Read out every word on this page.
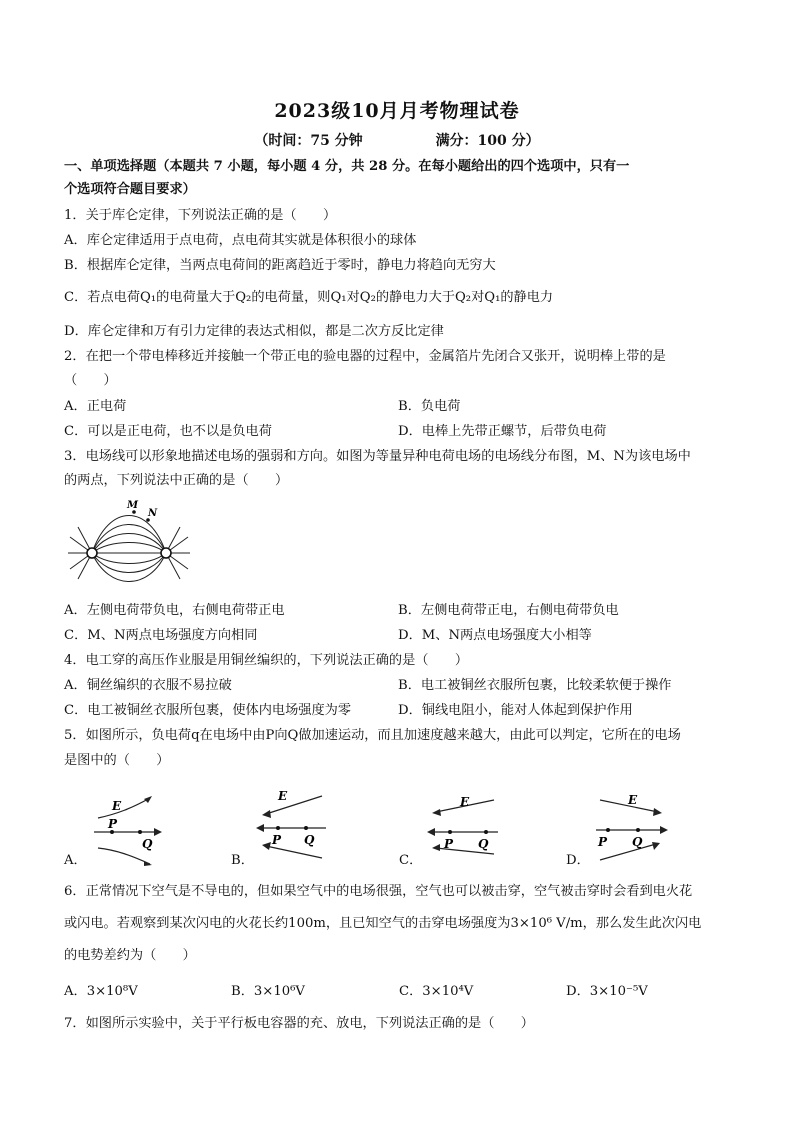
2023级10月月考物理试卷
（时间：75 分钟	满分：100 分）
一、单项选择题（本题共 7 小题，每小题 4 分，共 28 分。在每小题给出的四个选项中，只有一
个选项符合题目要求）
1．关于库仑定律，下列说法正确的是（　　）
A．库仑定律适用于点电荷，点电荷其实就是体积很小的球体
B．根据库仑定律，当两点电荷间的距离趋近于零时，静电力将趋向无穷大
C．若点电荷Q₁的电荷量大于Q₂的电荷量，则Q₁对Q₂的静电力大于Q₂对Q₁的静电力
D．库仑定律和万有引力定律的表达式相似，都是二次方反比定律
2．在把一个带电棒移近并接触一个带正电的验电器的过程中，金属箔片先闭合又张开，说明棒上带的是
（　　）
A．正电荷	B．负电荷
C．可以是正电荷，也不以是负电荷	D．电棒上先带正螺节，后带负电荷
3．电场线可以形象地描述电场的强弱和方向。如图为等量异种电荷电场的电场线分布图，M、N为该电场中
的两点，下列说法中正确的是（　　）
M
N
A．左侧电荷带负电，右侧电荷带正电	B．左侧电荷带正电，右侧电荷带负电
C．M、N两点电场强度方向相同	D．M、N两点电场强度大小相等
4．电工穿的高压作业服是用铜丝编织的，下列说法正确的是（　　）
A．铜丝编织的衣服不易拉破	B．电工被铜丝衣服所包裹，比较柔软便于操作
C．电工被铜丝衣服所包裹，使体内电场强度为零	D．铜线电阻小，能对人体起到保护作用
5．如图所示，负电荷q在电场中由P向Q做加速运动，而且加速度越来越大，由此可以判定，它所在的电场
是图中的（　　）
E
P
Q
A．
E
P Q
B．
E
P Q
C．
E
P Q
D．
6．正常情况下空气是不导电的，但如果空气中的电场很强，空气也可以被击穿，空气被击穿时会看到电火花
或闪电。若观察到某次闪电的火花长约100m，且已知空气的击穿电场强度为3×10⁶ V/m，那么发生此次闪电
的电势差约为（　　）
A．3×10⁸V	B．3×10⁶V	C．3×10⁴V	D．3×10⁻⁵V
7．如图所示实验中，关于平行板电容器的充、放电，下列说法正确的是（　　）
